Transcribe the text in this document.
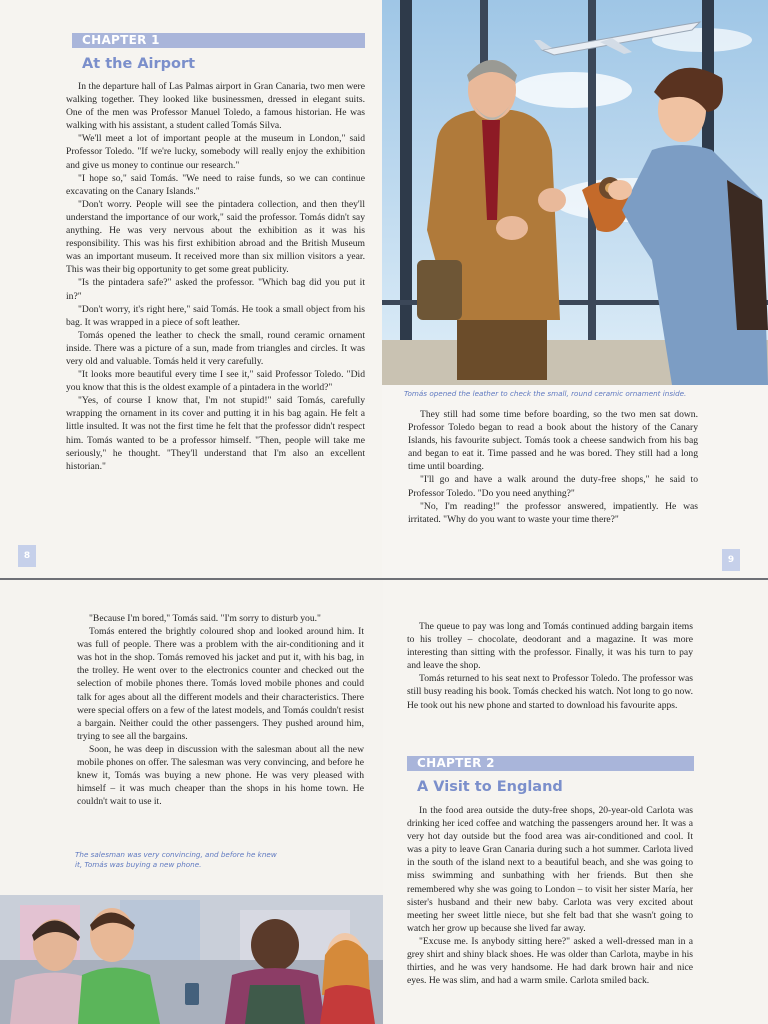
CHAPTER 1
At the Airport

In the departure hall of Las Palmas airport in Gran Canaria, two men were walking together. They looked like businessmen, dressed in elegant suits. One of the men was Professor Manuel Toledo, a famous historian. He was walking with his assistant, a student called Tomás Silva.

"We'll meet a lot of important people at the museum in London," said Professor Toledo. "If we're lucky, somebody will really enjoy the exhibition and give us money to continue our research."

"I hope so," said Tomás. "We need to raise funds, so we can continue excavating on the Canary Islands."

"Don't worry. People will see the pintadera collection, and then they'll understand the importance of our work," said the professor. Tomás didn't say anything. He was very nervous about the exhibition as it was his responsibility. This was his first exhibition abroad and the British Museum was an important museum. It received more than six million visitors a year. This was their big opportunity to get some great publicity.

"Is the pintadera safe?" asked the professor. "Which bag did you put it in?"

"Don't worry, it's right here," said Tomás. He took a small object from his bag. It was wrapped in a piece of soft leather.

Tomás opened the leather to check the small, round ceramic ornament inside. There was a picture of a sun, made from triangles and circles. It was very old and valuable. Tomás held it very carefully.

"It looks more beautiful every time I see it," said Professor Toledo. "Did you know that this is the oldest example of a pintadera in the world?"

"Yes, of course I know that, I'm not stupid!" said Tomás, carefully wrapping the ornament in its cover and putting it in his bag again. He felt a little insulted. It was not the first time he felt that the professor didn't respect him. Tomás wanted to be a professor himself. "Then, people will take me seriously," he thought. "They'll understand that I'm also an excellent historian."

8
Tomás opened the leather to check the small, round ceramic ornament inside.

They still had some time before boarding, so the two men sat down. Professor Toledo began to read a book about the history of the Canary Islands, his favourite subject. Tomás took a cheese sandwich from his bag and began to eat it. Time passed and he was bored. They still had a long time until boarding.

"I'll go and have a walk around the duty-free shops," he said to Professor Toledo. "Do you need anything?"

"No, I'm reading!" the professor answered, impatiently. He was irritated. "Why do you want to waste your time there?"

9

"Because I'm bored," Tomás said. "I'm sorry to disturb you."

Tomás entered the brightly coloured shop and looked around him. It was full of people. There was a problem with the air-conditioning and it was hot in the shop. Tomás removed his jacket and put it, with his bag, in the trolley. He went over to the electronics counter and checked out the selection of mobile phones there. Tomás loved mobile phones and could talk for ages about all the different models and their characteristics. There were special offers on a few of the latest models, and Tomás couldn't resist a bargain. Neither could the other passengers. They pushed around him, trying to see all the bargains.

Soon, he was deep in discussion with the salesman about all the new mobile phones on offer. The salesman was very convincing, and before he knew it, Tomás was buying a new phone. He was very pleased with himself – it was much cheaper than the shops in his home town. He couldn't wait to use it.

The salesman was very convincing, and before he knew it, Tomás was buying a new phone.

The queue to pay was long and Tomás continued adding bargain items to his trolley – chocolate, deodorant and a magazine. It was more interesting than sitting with the professor. Finally, it was his turn to pay and leave the shop.

Tomás returned to his seat next to Professor Toledo. The professor was still busy reading his book. Tomás checked his watch. Not long to go now. He took out his new phone and started to download his favourite apps.

CHAPTER 2
A Visit to England

In the food area outside the duty-free shops, 20-year-old Carlota was drinking her iced coffee and watching the passengers around her. It was a very hot day outside but the food area was air-conditioned and cool. It was a pity to leave Gran Canaria during such a hot summer. Carlota lived in the south of the island next to a beautiful beach, and she was going to miss swimming and sunbathing with her friends. But then she remembered why she was going to London – to visit her sister María, her sister's husband and their new baby. Carlota was very excited about meeting her sweet little niece, but she felt bad that she wasn't going to watch her grow up because she lived far away.

"Excuse me. Is anybody sitting here?" asked a well-dressed man in a grey shirt and shiny black shoes. He was older than Carlota, maybe in his thirties, and he was very handsome. He had dark brown hair and nice eyes. He was slim, and had a warm smile. Carlota smiled back.
